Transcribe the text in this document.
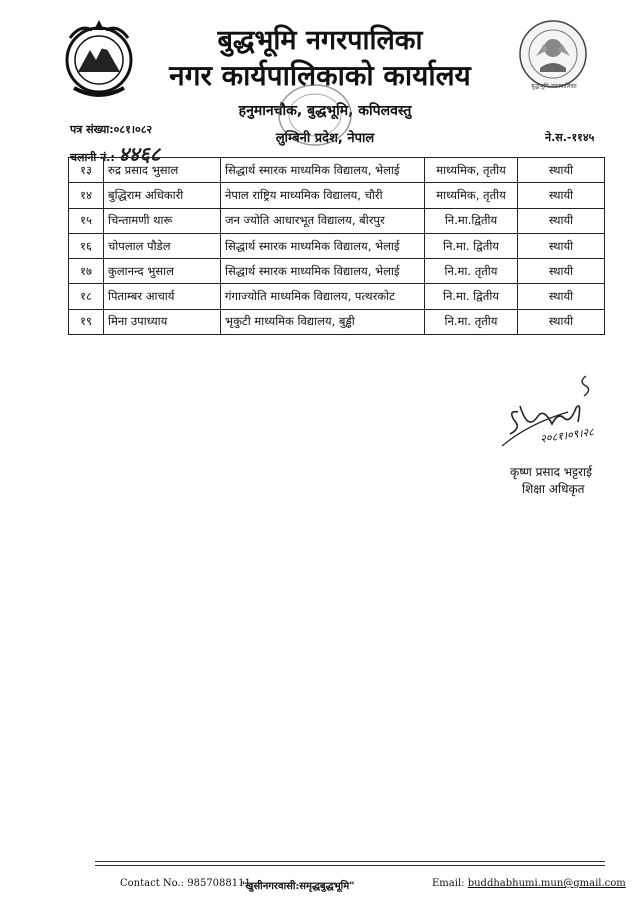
बुद्धभूमि नगरपालिका
बुद्धभूमि नगरपालिका
नगर कार्यपालिकाको कार्यालय
हनुमानचौक, बुद्धभूमि, कपिलवस्तु
लुम्बिनी प्रदेश, नेपाल
पत्र संख्या:०८१।०८२
चलानी नं.: ४४६८
ने.स.-११४५
१३	रुद्र प्रसाद भुसाल	सिद्धार्थ स्मारक माध्यमिक विद्यालय, भेलाई	माध्यमिक, तृतीय	स्थायी
१४	बुद्धिराम अधिकारी	नेपाल राष्ट्रिय माध्यमिक विद्यालय, चौरी	माध्यमिक, तृतीय	स्थायी
१५	चिन्तामणी थारू	जन ज्योति आधारभूत विद्यालय, बीरपुर	नि.मा.द्वितीय	स्थायी
१६	चोपलाल पौडेल	सिद्धार्थ स्मारक माध्यमिक विद्यालय, भेलाई	नि.मा. द्वितीय	स्थायी
१७	कुलानन्द भुसाल	सिद्धार्थ स्मारक माध्यमिक विद्यालय, भेलाई	नि.मा. तृतीय	स्थायी
१८	पिताम्बर आचार्य	गंगाज्योति माध्यमिक विद्यालय, पत्थरकोट	नि.मा. द्वितीय	स्थायी
१९	मिना उपाध्याय	भृकुटी माध्यमिक विद्यालय, बुड्ढी	नि.मा. तृतीय	स्थायी
२०८१।०९।२८
कृष्ण प्रसाद भट्टराई
शिक्षा अधिकृत
Contact No.: 9857088111
"खुसीनगरवासी:समृद्धबुद्धभूमि"	Email: buddhabhumi.mun@gmail.com
